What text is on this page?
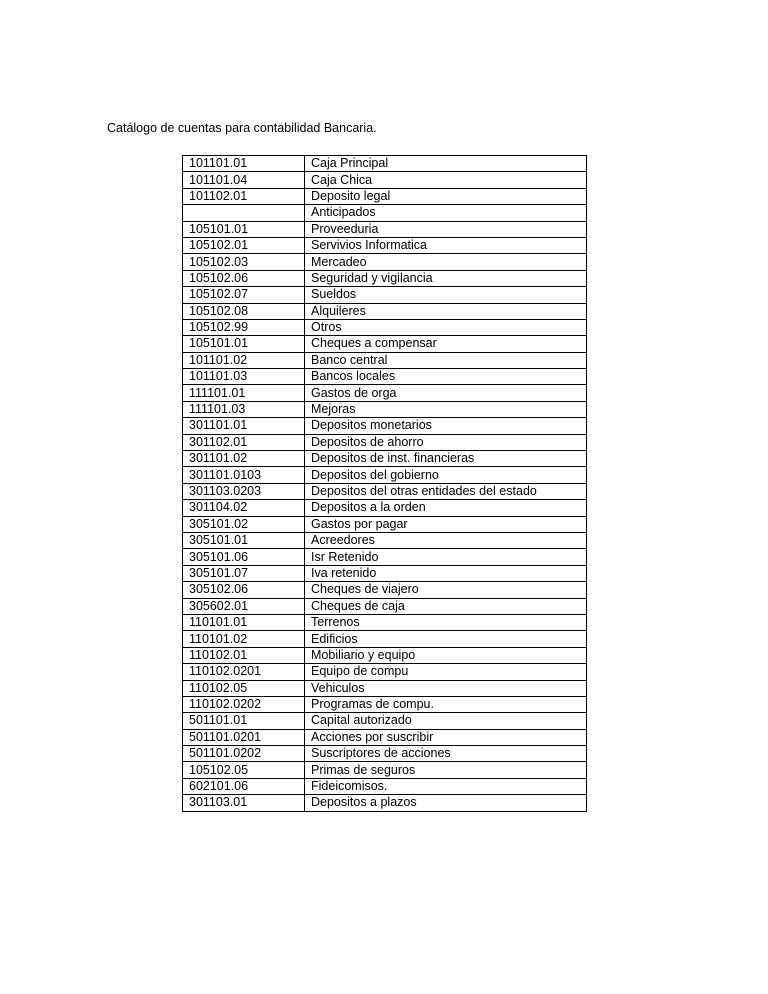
Catálogo de cuentas para contabilidad Bancaria.
101101.01	Caja Principal
101101.04	Caja Chica
101102.01	Deposito legal
	Anticipados
105101.01	Proveeduria
105102.01	Servivios Informatica
105102.03	Mercadeo
105102.06	Seguridad y vigilancia
105102.07	Sueldos
105102.08	Alquileres
105102.99	Otros
105101.01	Cheques a compensar
101101.02	Banco central
101101.03	Bancos locales
111101.01	Gastos de orga
111101.03	Mejoras
301101.01	Depositos monetarios
301102.01	Depositos de ahorro
301101.02	Depositos de inst. financieras
301101.0103	Depositos del gobierno
301103.0203	Depositos del otras entidades del estado
301104.02	Depositos a la orden
305101.02	Gastos por pagar
305101.01	Acreedores
305101.06	Isr Retenido
305101.07	Iva retenido
305102.06	Cheques de viajero
305602.01	Cheques de caja
110101.01	Terrenos
110101.02	Edificios
110102.01	Mobiliario y equipo
110102.0201	Equipo de compu
110102.05	Vehiculos
110102.0202	Programas de compu.
501101.01	Capital autorizado
501101.0201	Acciones por suscribir
501101.0202	Suscriptores de acciones
105102.05	Primas de seguros
602101.06	Fideicomisos.
301103.01	Depositos a plazos
